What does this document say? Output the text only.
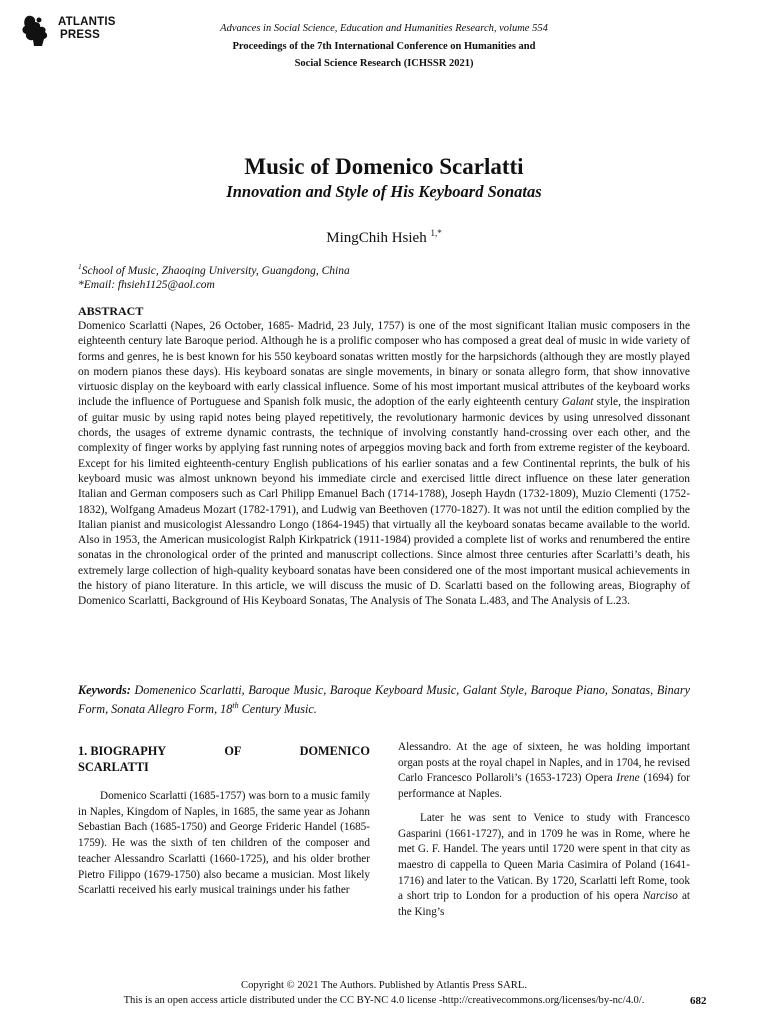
ATLANTIS
PRESS
Advances in Social Science, Education and Humanities Research, volume 554
Proceedings of the 7th International Conference on Humanities and
Social Science Research (ICHSSR 2021)
Music of Domenico Scarlatti
Innovation and Style of His Keyboard Sonatas
MingChih Hsieh $^{1,*}$
$^1$School of Music, Zhaoqing University, Guangdong, China
*Email: fhsieh1125@aol.com
ABSTRACT

Domenico Scarlatti (Napes, 26 October, 1685- Madrid, 23 July, 1757) is one of the most significant Italian music composers in the eighteenth century late Baroque period. Although he is a prolific composer who has composed a great deal of music in wide variety of forms and genres, he is best known for his 550 keyboard sonatas written mostly for the harpsichords (although they are mostly played on modern pianos these days). His keyboard sonatas are single movements, in binary or sonata allegro form, that show innovative virtuosic display on the keyboard with early classical influence. Some of his most important musical attributes of the keyboard works include the influence of Portuguese and Spanish folk music, the adoption of the early eighteenth century Galant style, the inspiration of guitar music by using rapid notes being played repetitively, the revolutionary harmonic devices by using unresolved dissonant chords, the usages of extreme dynamic contrasts, the technique of involving constantly hand-crossing over each other, and the complexity of finger works by applying fast running notes of arpeggios moving back and forth from extreme register of the keyboard. Except for his limited eighteenth-century English publications of his earlier sonatas and a few Continental reprints, the bulk of his keyboard music was almost unknown beyond his immediate circle and exercised little direct influence on these later generation Italian and German composers such as Carl Philipp Emanuel Bach (1714-1788), Joseph Haydn (1732-1809), Muzio Clementi (1752-1832), Wolfgang Amadeus Mozart (1782-1791), and Ludwig van Beethoven (1770-1827). It was not until the edition complied by the Italian pianist and musicologist Alessandro Longo (1864-1945) that virtually all the keyboard sonatas became available to the world. Also in 1953, the American musicologist Ralph Kirkpatrick (1911-1984) provided a complete list of works and renumbered the entire sonatas in the chronological order of the printed and manuscript collections. Since almost three centuries after Scarlatti’s death, his extremely large collection of high-quality keyboard sonatas have been considered one of the most important musical achievements in the history of piano literature. In this article, we will discuss the music of D. Scarlatti based on the following areas, Biography of Domenico Scarlatti, Background of His Keyboard Sonatas, The Analysis of The Sonata L.483, and The Analysis of L.23.

Keywords: Domenenico Scarlatti, Baroque Music, Baroque Keyboard Music, Galant Style, Baroque Piano, Sonatas, Binary Form, Sonata Allegro Form, 18th Century Music.

1. BIOGRAPHY	OF	DOMENICO
SCARLATTI

Domenico Scarlatti (1685-1757) was born to a music family in Naples, Kingdom of Naples, in 1685, the same year as Johann Sebastian Bach (1685-1750) and George Frideric Handel (1685-1759). He was the sixth of ten children of the composer and teacher Alessandro Scarlatti (1660-1725), and his older brother Pietro Filippo (1679-1750) also became a musician. Most likely Scarlatti received his early musical trainings under his father

Alessandro. At the age of sixteen, he was holding important organ posts at the royal chapel in Naples, and in 1704, he revised Carlo Francesco Pollaroli’s (1653-1723) Opera Irene (1694) for performance at Naples.

Later he was sent to Venice to study with Francesco Gasparini (1661-1727), and in 1709 he was in Rome, where he met G. F. Handel. The years until 1720 were spent in that city as maestro di cappella to Queen Maria Casimira of Poland (1641-1716) and later to the Vatican. By 1720, Scarlatti left Rome, took a short trip to London for a production of his opera Narciso at the King’s

Copyright © 2021 The Authors. Published by Atlantis Press SARL.
This is an open access article distributed under the CC BY-NC 4.0 license -http://creativecommons.org/licenses/by-nc/4.0/.	682
